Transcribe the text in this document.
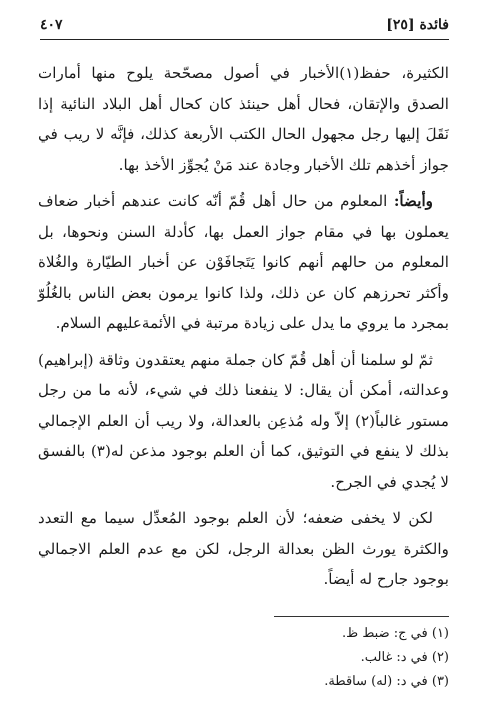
فائدة [٢٥]
٤٠٧

الكثيرة، حفظ(١)الأخبار في أصول مصحّحة يلوح منها أمارات الصدق والإتقان، فحال أهل حينئذ كان كحال أهل البلاد النائية إذا نَقَلَ إليها رجل مجهول الحال الكتب الأربعة كذلك، فإنَّه لا ريب في جواز أخذهم تلك الأخبار وجادة عند مَنْ يُجوِّز الأخذ بها.

وأيضاً: المعلوم من حال أهل قُمّ أنّه كانت عندهم أخبار ضعاف يعملون بها في مقام جواز العمل بها، كأدلة السنن ونحوها، بل المعلوم من حالهم أنهم كانوا يَتَجافَوْن عن أخبار الطيّارة والغُلاة وأكثر تحرزهم كان عن ذلك، ولذا كانوا يرمون بعض الناس بالغُلُوّ بمجرد ما يروي ما يدل على زيادة مرتبة في الأئمةعليهم السلام.

ثمّ لو سلمنا أن أهل قُمّ كان جملة منهم يعتقدون وثاقة (إبراهيم) وعدالته، أمكن أن يقال: لا ينفعنا ذلك في شيء، لأنه ما من رجل مستور غالباً(٢) إلاّ وله مُذعِن بالعدالة، ولا ريب أن العلم الإجمالي بذلك لا ينفع في التوثيق، كما أن العلم بوجود مذعن له(٣) بالفسق لا يُجدي في الجرح.

لكن لا يخفى ضعفه؛ لأن العلم بوجود المُعدِّل سيما مع التعدد والكثرة يورث الظن بعدالة الرجل، لكن مع عدم العلم الاجمالي بوجود جارح له أيضاً.

(١) في ج: ضبط ظ.
(٢) في د: غالب.
(٣) في د: (له) ساقطة.
